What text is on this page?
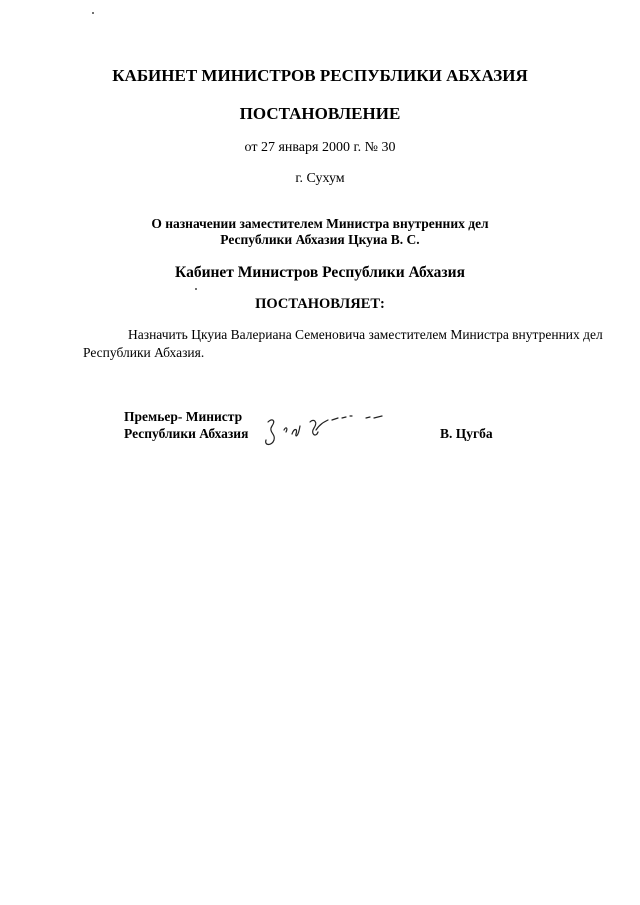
КАБИНЕТ МИНИСТРОВ РЕСПУБЛИКИ АБХАЗИЯ
ПОСТАНОВЛЕНИЕ
от 27 января 2000 г. № 30
г. Сухум
О назначении заместителем Министра внутренних дел
Республики Абхазия Цкуиа В. С.
Кабинет Министров Республики Абхазия
ПОСТАНОВЛЯЕТ:
Назначить Цкуиа Валериана Семеновича заместителем Министра внутренних дел
Республики Абхазия.
Премьер- Министр
Республики Абхазия	В. Цугба
